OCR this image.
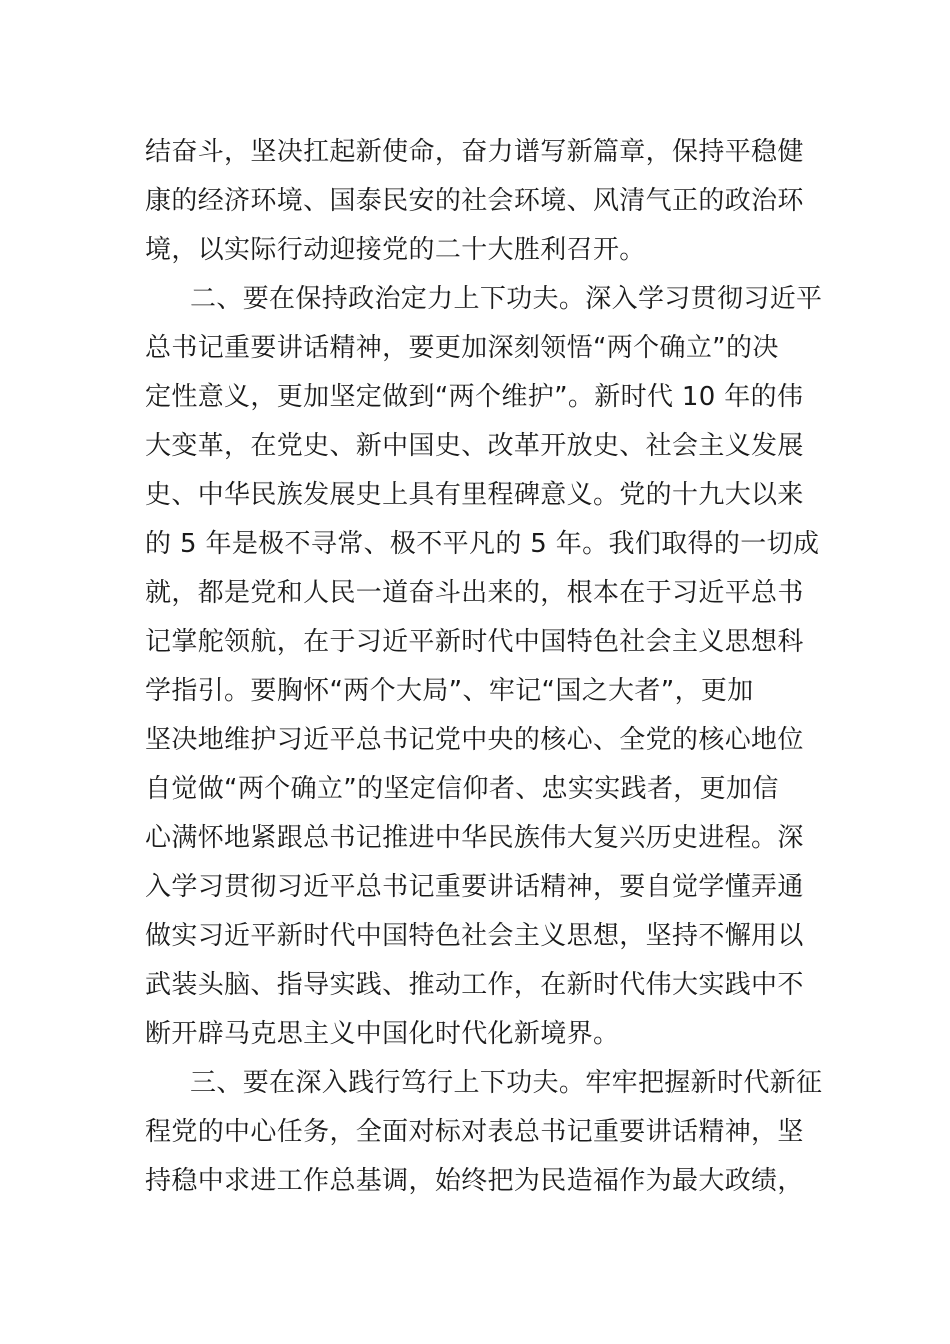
结奋斗，坚决扛起新使命，奋力谱写新篇章，保持平稳健
康的经济环境、国泰民安的社会环境、风清气正的政治环
境，以实际行动迎接党的二十大胜利召开。
二、要在保持政治定力上下功夫。深入学习贯彻习近平
总书记重要讲话精神，要更加深刻领悟“两个确立”的决
定性意义，更加坚定做到“两个维护”。新时代 10 年的伟
大变革，在党史、新中国史、改革开放史、社会主义发展
史、中华民族发展史上具有里程碑意义。党的十九大以来
的 5 年是极不寻常、极不平凡的 5 年。我们取得的一切成
就，都是党和人民一道奋斗出来的，根本在于习近平总书
记掌舵领航，在于习近平新时代中国特色社会主义思想科
学指引。要胸怀“两个大局”、牢记“国之大者”，更加
坚决地维护习近平总书记党中央的核心、全党的核心地位
自觉做“两个确立”的坚定信仰者、忠实实践者，更加信
心满怀地紧跟总书记推进中华民族伟大复兴历史进程。深
入学习贯彻习近平总书记重要讲话精神，要自觉学懂弄通
做实习近平新时代中国特色社会主义思想，坚持不懈用以
武装头脑、指导实践、推动工作，在新时代伟大实践中不
断开辟马克思主义中国化时代化新境界。
三、要在深入践行笃行上下功夫。牢牢把握新时代新征
程党的中心任务，全面对标对表总书记重要讲话精神，坚
持稳中求进工作总基调，始终把为民造福作为最大政绩，
